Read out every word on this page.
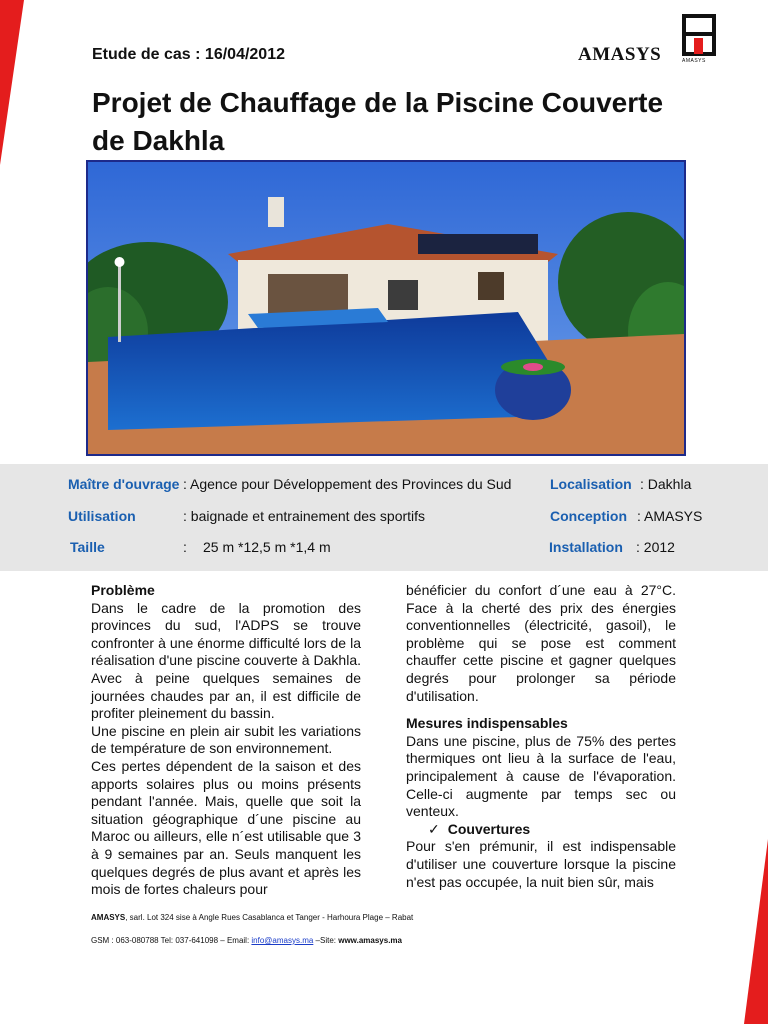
Etude de cas : 16/04/2012	AMASYS	AMASYS
Projet de Chauffage de la Piscine Couverte de Dakhla
Maître d'ouvrage : Agence pour Développement des Provinces du Sud	Localisation : Dakhla
Utilisation	: baignade et entrainement des sportifs	Conception : AMASYS
Taille	: 25 m *12,5 m *1,4 m	Installation : 2012

Problème

Dans le cadre de la promotion des provinces du sud, l'ADPS se trouve confronter à une énorme difficulté lors de la réalisation d'une piscine couverte à Dakhla. Avec à peine quelques semaines de journées chaudes par an, il est difficile de profiter pleinement du bassin.

Une piscine en plein air subit les variations de température de son environnement.

Ces pertes dépendent de la saison et des apports solaires plus ou moins présents pendant l'année. Mais, quelle que soit la situation géographique d´une piscine au Maroc ou ailleurs, elle n´est utilisable que 3 à 9 semaines par an. Seuls manquent les quelques degrés de plus avant et après les mois de fortes chaleurs pour

bénéficier du confort d´une eau à 27°C. Face à la cherté des prix des énergies conventionnelles (électricité, gasoil), le problème qui se pose est comment chauffer cette piscine et gagner quelques degrés pour prolonger sa période d'utilisation.

Mesures indispensables

Dans une piscine, plus de 75% des pertes thermiques ont lieu à la surface de l'eau, principalement à cause de l'évaporation. Celle-ci augmente par temps sec ou venteux.

✓ Couvertures

Pour s'en prémunir, il est indispensable d'utiliser une couverture lorsque la piscine n'est pas occupée, la nuit bien sûr, mais

AMASYS, sarl. Lot 324 sise à Angle Rues Casablanca et Tanger - Harhoura Plage – Rabat

GSM : 063-080788 Tel: 037-641098 – Email: info@amasys.ma –Site: www.amasys.ma
